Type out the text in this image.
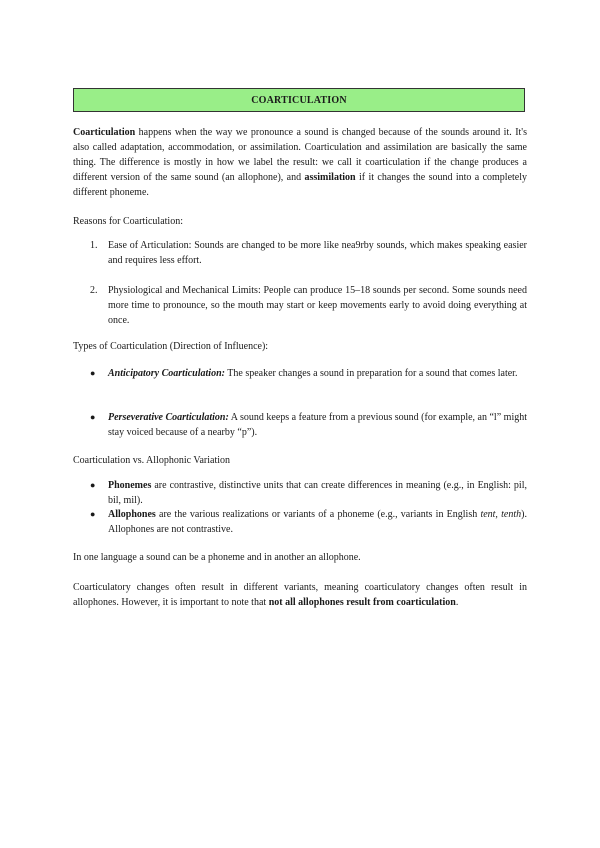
COARTICULATION
Coarticulation happens when the way we pronounce a sound is changed because of the sounds around it. It's also called adaptation, accommodation, or assimilation. Coarticulation and assimilation are basically the same thing. The difference is mostly in how we label the result: we call it coarticulation if the change produces a different version of the same sound (an allophone), and assimilation if it changes the sound into a completely different phoneme.
Reasons for Coarticulation:
1.	Ease of Articulation: Sounds are changed to be more like nea9rby sounds, which makes speaking easier and requires less effort.
2.	Physiological and Mechanical Limits: People can produce 15–18 sounds per second. Some sounds need more time to pronounce, so the mouth may start or keep movements early to avoid doing everything at once.
Types of Coarticulation (Direction of Influence):
●	Anticipatory Coarticulation: The speaker changes a sound in preparation for a sound that comes later.
●	Perseverative Coarticulation: A sound keeps a feature from a previous sound (for example, an “l” might stay voiced because of a nearby “p”).
Coarticulation vs. Allophonic Variation
●	Phonemes are contrastive, distinctive units that can create differences in meaning (e.g., in English: pil, bil, mil).
●	Allophones are the various realizations or variants of a phoneme (e.g., variants in English tent, tenth). Allophones are not contrastive.
In one language a sound can be a phoneme and in another an allophone.
Coarticulatory changes often result in different variants, meaning coarticulatory changes often result in allophones. However, it is important to note that not all allophones result from coarticulation.
